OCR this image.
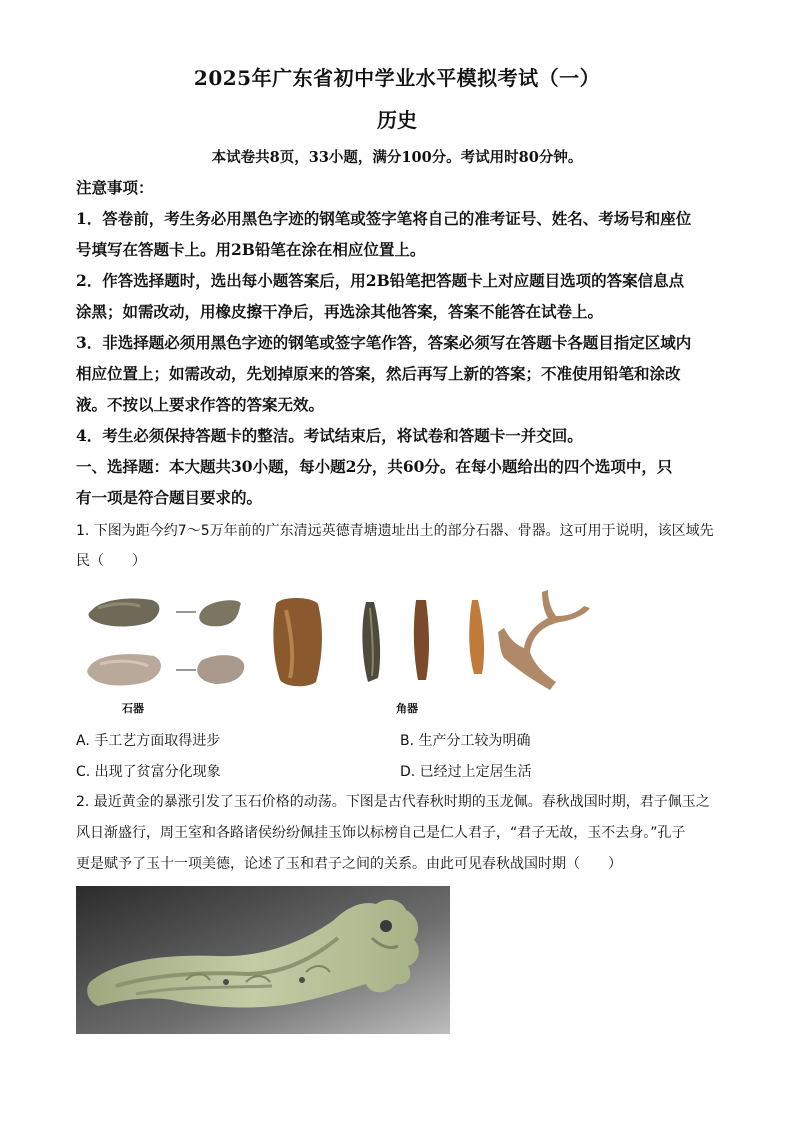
2025年广东省初中学业水平模拟考试（一）
历史
本试卷共8页，33小题，满分100分。考试用时80分钟。
注意事项：
1．答卷前，考生务必用黑色字迹的钢笔或签字笔将自己的准考证号、姓名、考场号和座位
号填写在答题卡上。用2B铅笔在涂在相应位置上。
2．作答选择题时，选出每小题答案后，用2B铅笔把答题卡上对应题目选项的答案信息点
涂黑；如需改动，用橡皮擦干净后，再选涂其他答案，答案不能答在试卷上。
3．非选择题必须用黑色字迹的钢笔或签字笔作答，答案必须写在答题卡各题目指定区域内
相应位置上；如需改动，先划掉原来的答案，然后再写上新的答案；不准使用铅笔和涂改
液。不按以上要求作答的答案无效。
4．考生必须保持答题卡的整洁。考试结束后，将试卷和答题卡一并交回。
一、选择题：本大题共30小题，每小题2分，共60分。在每小题给出的四个选项中，只
有一项是符合题目要求的。
1. 下图为距今约7～5万年前的广东清远英德青塘遗址出土的部分石器、骨器。这可用于说明，该区域先
民（　　）
石器	角器
A. 手工艺方面取得进步	B. 生产分工较为明确
C. 出现了贫富分化现象	D. 已经过上定居生活
2. 最近黄金的暴涨引发了玉石价格的动荡。下图是古代春秋时期的玉龙佩。春秋战国时期，君子佩玉之
风日渐盛行，周王室和各路诸侯纷纷佩挂玉饰以标榜自己是仁人君子，“君子无故，玉不去身。”孔子
更是赋予了玉十一项美德，论述了玉和君子之间的关系。由此可见春秋战国时期（　　）
